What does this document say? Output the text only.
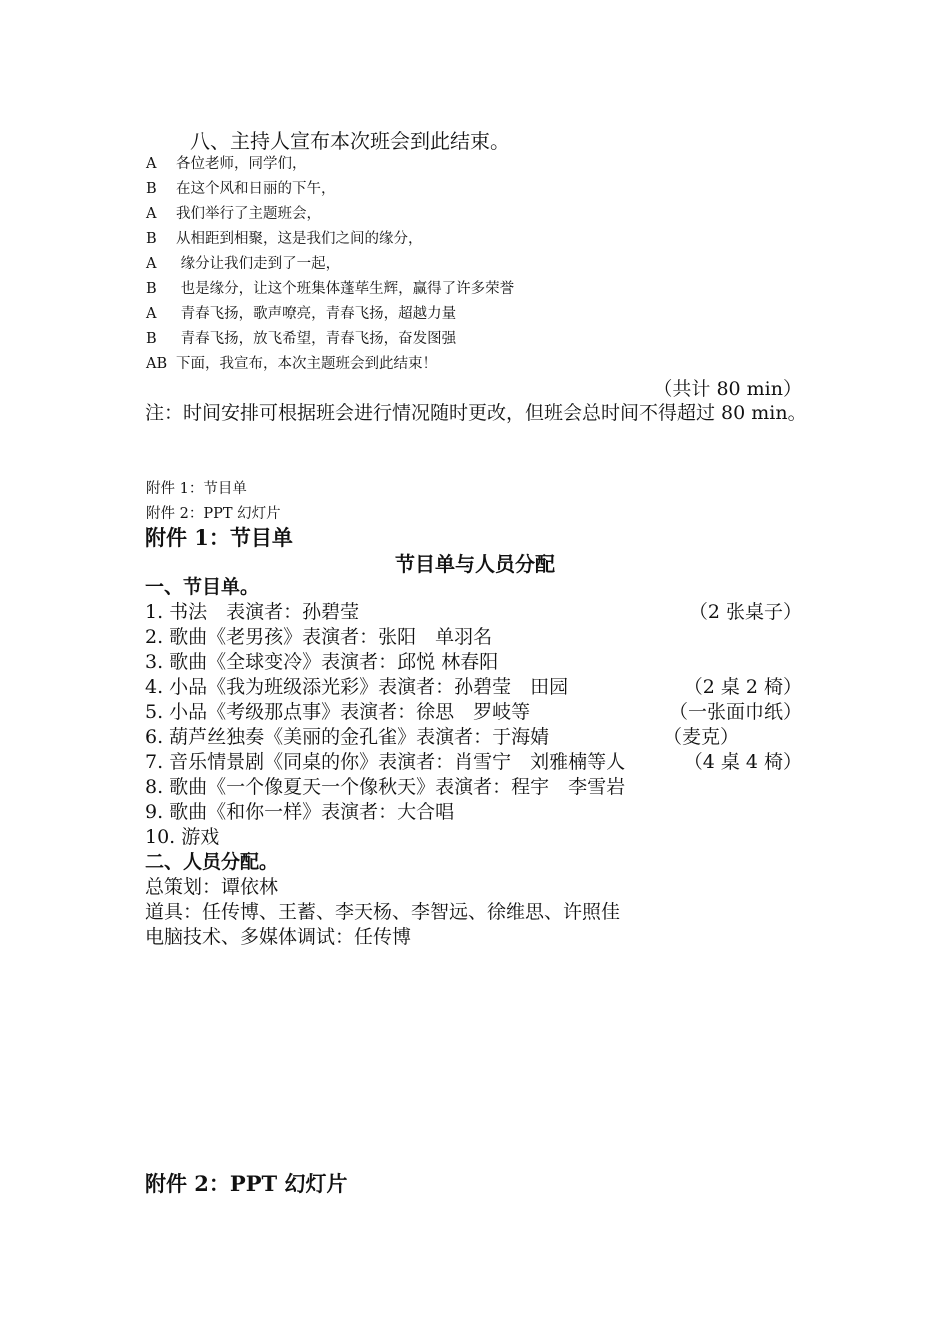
八、主持人宣布本次班会到此结束。
A 各位老师，同学们，
B 在这个风和日丽的下午，
A 我们举行了主题班会，
B 从相距到相聚，这是我们之间的缘分，
A 缘分让我们走到了一起，
B 也是缘分，让这个班集体蓬荜生辉，赢得了许多荣誉
A 青春飞扬，歌声嘹亮，青春飞扬，超越力量
B 青春飞扬，放飞希望，青春飞扬，奋发图强
AB 下面，我宣布，本次主题班会到此结束！
（共计 80 min）
注：时间安排可根据班会进行情况随时更改，但班会总时间不得超过 80 min。
附件 1：节目单
附件 2：PPT 幻灯片
附件 1：节目单
节目单与人员分配
一、节目单。
1. 书法　表演者：孙碧莹	（2 张桌子）
2. 歌曲《老男孩》表演者：张阳　单羽名
3. 歌曲《全球变冷》表演者：邱悦 林春阳
4. 小品《我为班级添光彩》表演者：孙碧莹　田园	（2 桌 2 椅）
5. 小品《考级那点事》表演者：徐思　罗岐等	（一张面巾纸）
6. 葫芦丝独奏《美丽的金孔雀》表演者：于海婧	（麦克）
7. 音乐情景剧《同桌的你》表演者：肖雪宁　刘雅楠等人	（4 桌 4 椅）
8. 歌曲《一个像夏天一个像秋天》表演者：程宇　李雪岩
9. 歌曲《和你一样》表演者：大合唱
10. 游戏
二、人员分配。
总策划：谭依林
道具：任传博、王蓄、李天杨、李智远、徐维思、许照佳
电脑技术、多媒体调试：任传博
附件 2：PPT 幻灯片
